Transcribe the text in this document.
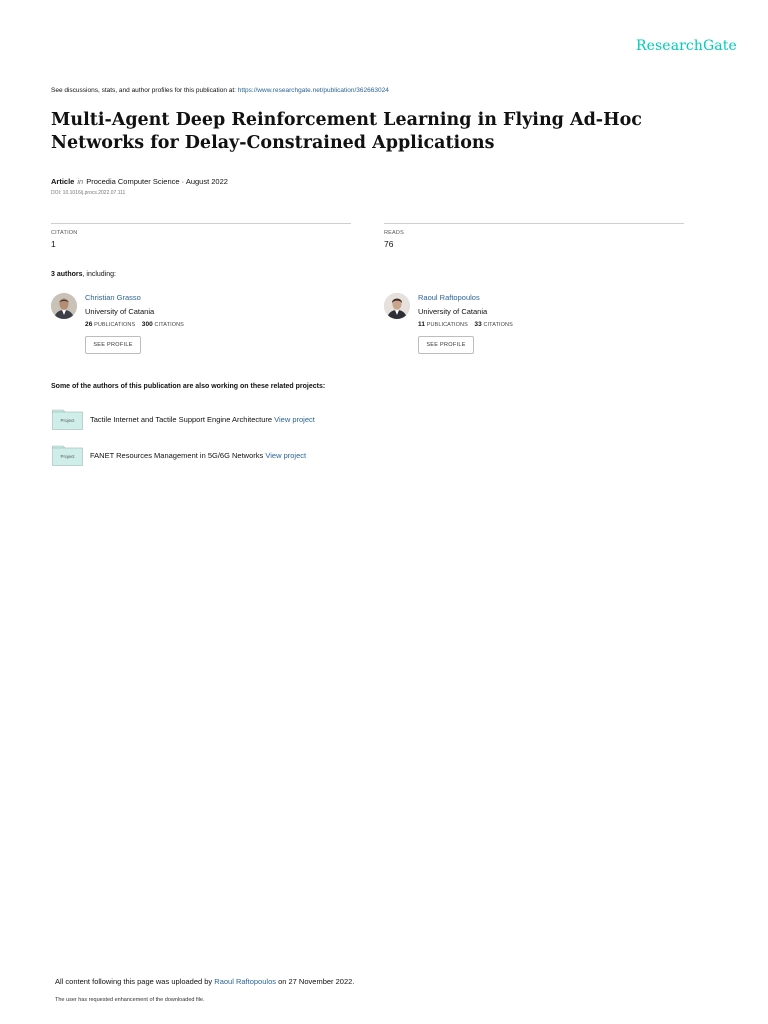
ResearchGate
See discussions, stats, and author profiles for this publication at: https://www.researchgate.net/publication/362663024
Multi-Agent Deep Reinforcement Learning in Flying Ad-Hoc Networks for Delay-Constrained Applications
Article in Procedia Computer Science · August 2022
DOI: 10.1016/j.procs.2022.07.111
CITATION
1
READS
76
3 authors, including:
Christian Grasso
University of Catania
26 PUBLICATIONS 300 CITATIONS
SEE PROFILE
Raoul Raftopoulos
University of Catania
11 PUBLICATIONS 33 CITATIONS
SEE PROFILE
Some of the authors of this publication are also working on these related projects:
Project	Tactile Internet and Tactile Support Engine Architecture View project
Project	FANET Resources Management in 5G/6G Networks View project
All content following this page was uploaded by Raoul Raftopoulos on 27 November 2022.
The user has requested enhancement of the downloaded file.
